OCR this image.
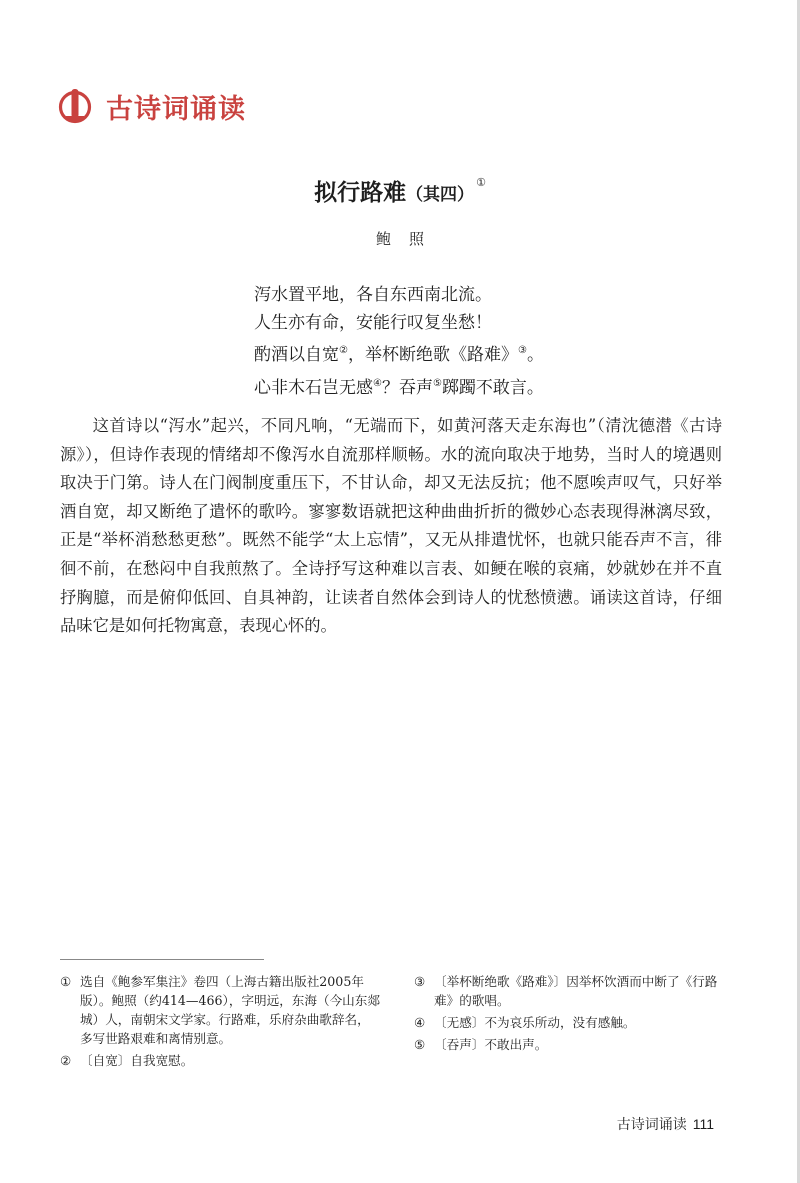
古诗词诵读
拟行路难（其四）①
鲍照
泻水置平地，各自东西南北流。
人生亦有命，安能行叹复坐愁！
酌酒以自宽②，举杯断绝歌《路难》③。
心非木石岂无感④？吞声⑤踯躅不敢言。
这首诗以“泻水”起兴，不同凡响，“无端而下，如黄河落天走东海也”（清沈德潜《古诗源》），但诗作表现的情绪却不像泻水自流那样顺畅。水的流向取决于地势，当时人的境遇则取决于门第。诗人在门阀制度重压下，不甘认命，却又无法反抗；他不愿唉声叹气，只好举酒自宽，却又断绝了遣怀的歌吟。寥寥数语就把这种曲曲折折的微妙心态表现得淋漓尽致，正是“举杯消愁愁更愁”。既然不能学“太上忘情”，又无从排遣忧怀，也就只能吞声不言，徘徊不前，在愁闷中自我煎熬了。全诗抒写这种难以言表、如鲠在喉的哀痛，妙就妙在并不直抒胸臆，而是俯仰低回、自具神韵，让读者自然体会到诗人的忧愁愤懑。诵读这首诗，仔细品味它是如何托物寓意，表现心怀的。
① 选自《鲍参军集注》卷四（上海古籍出版社2005年版）。鲍照（约414—466），字明远，东海（今山东郯城）人，南朝宋文学家。行路难，乐府杂曲歌辞名，多写世路艰难和离情别意。
② 〔自宽〕自我宽慰。
③ 〔举杯断绝歌《路难》〕因举杯饮酒而中断了《行路难》的歌唱。
④ 〔无感〕不为哀乐所动，没有感触。
⑤ 〔吞声〕不敢出声。
古诗词诵读 111
